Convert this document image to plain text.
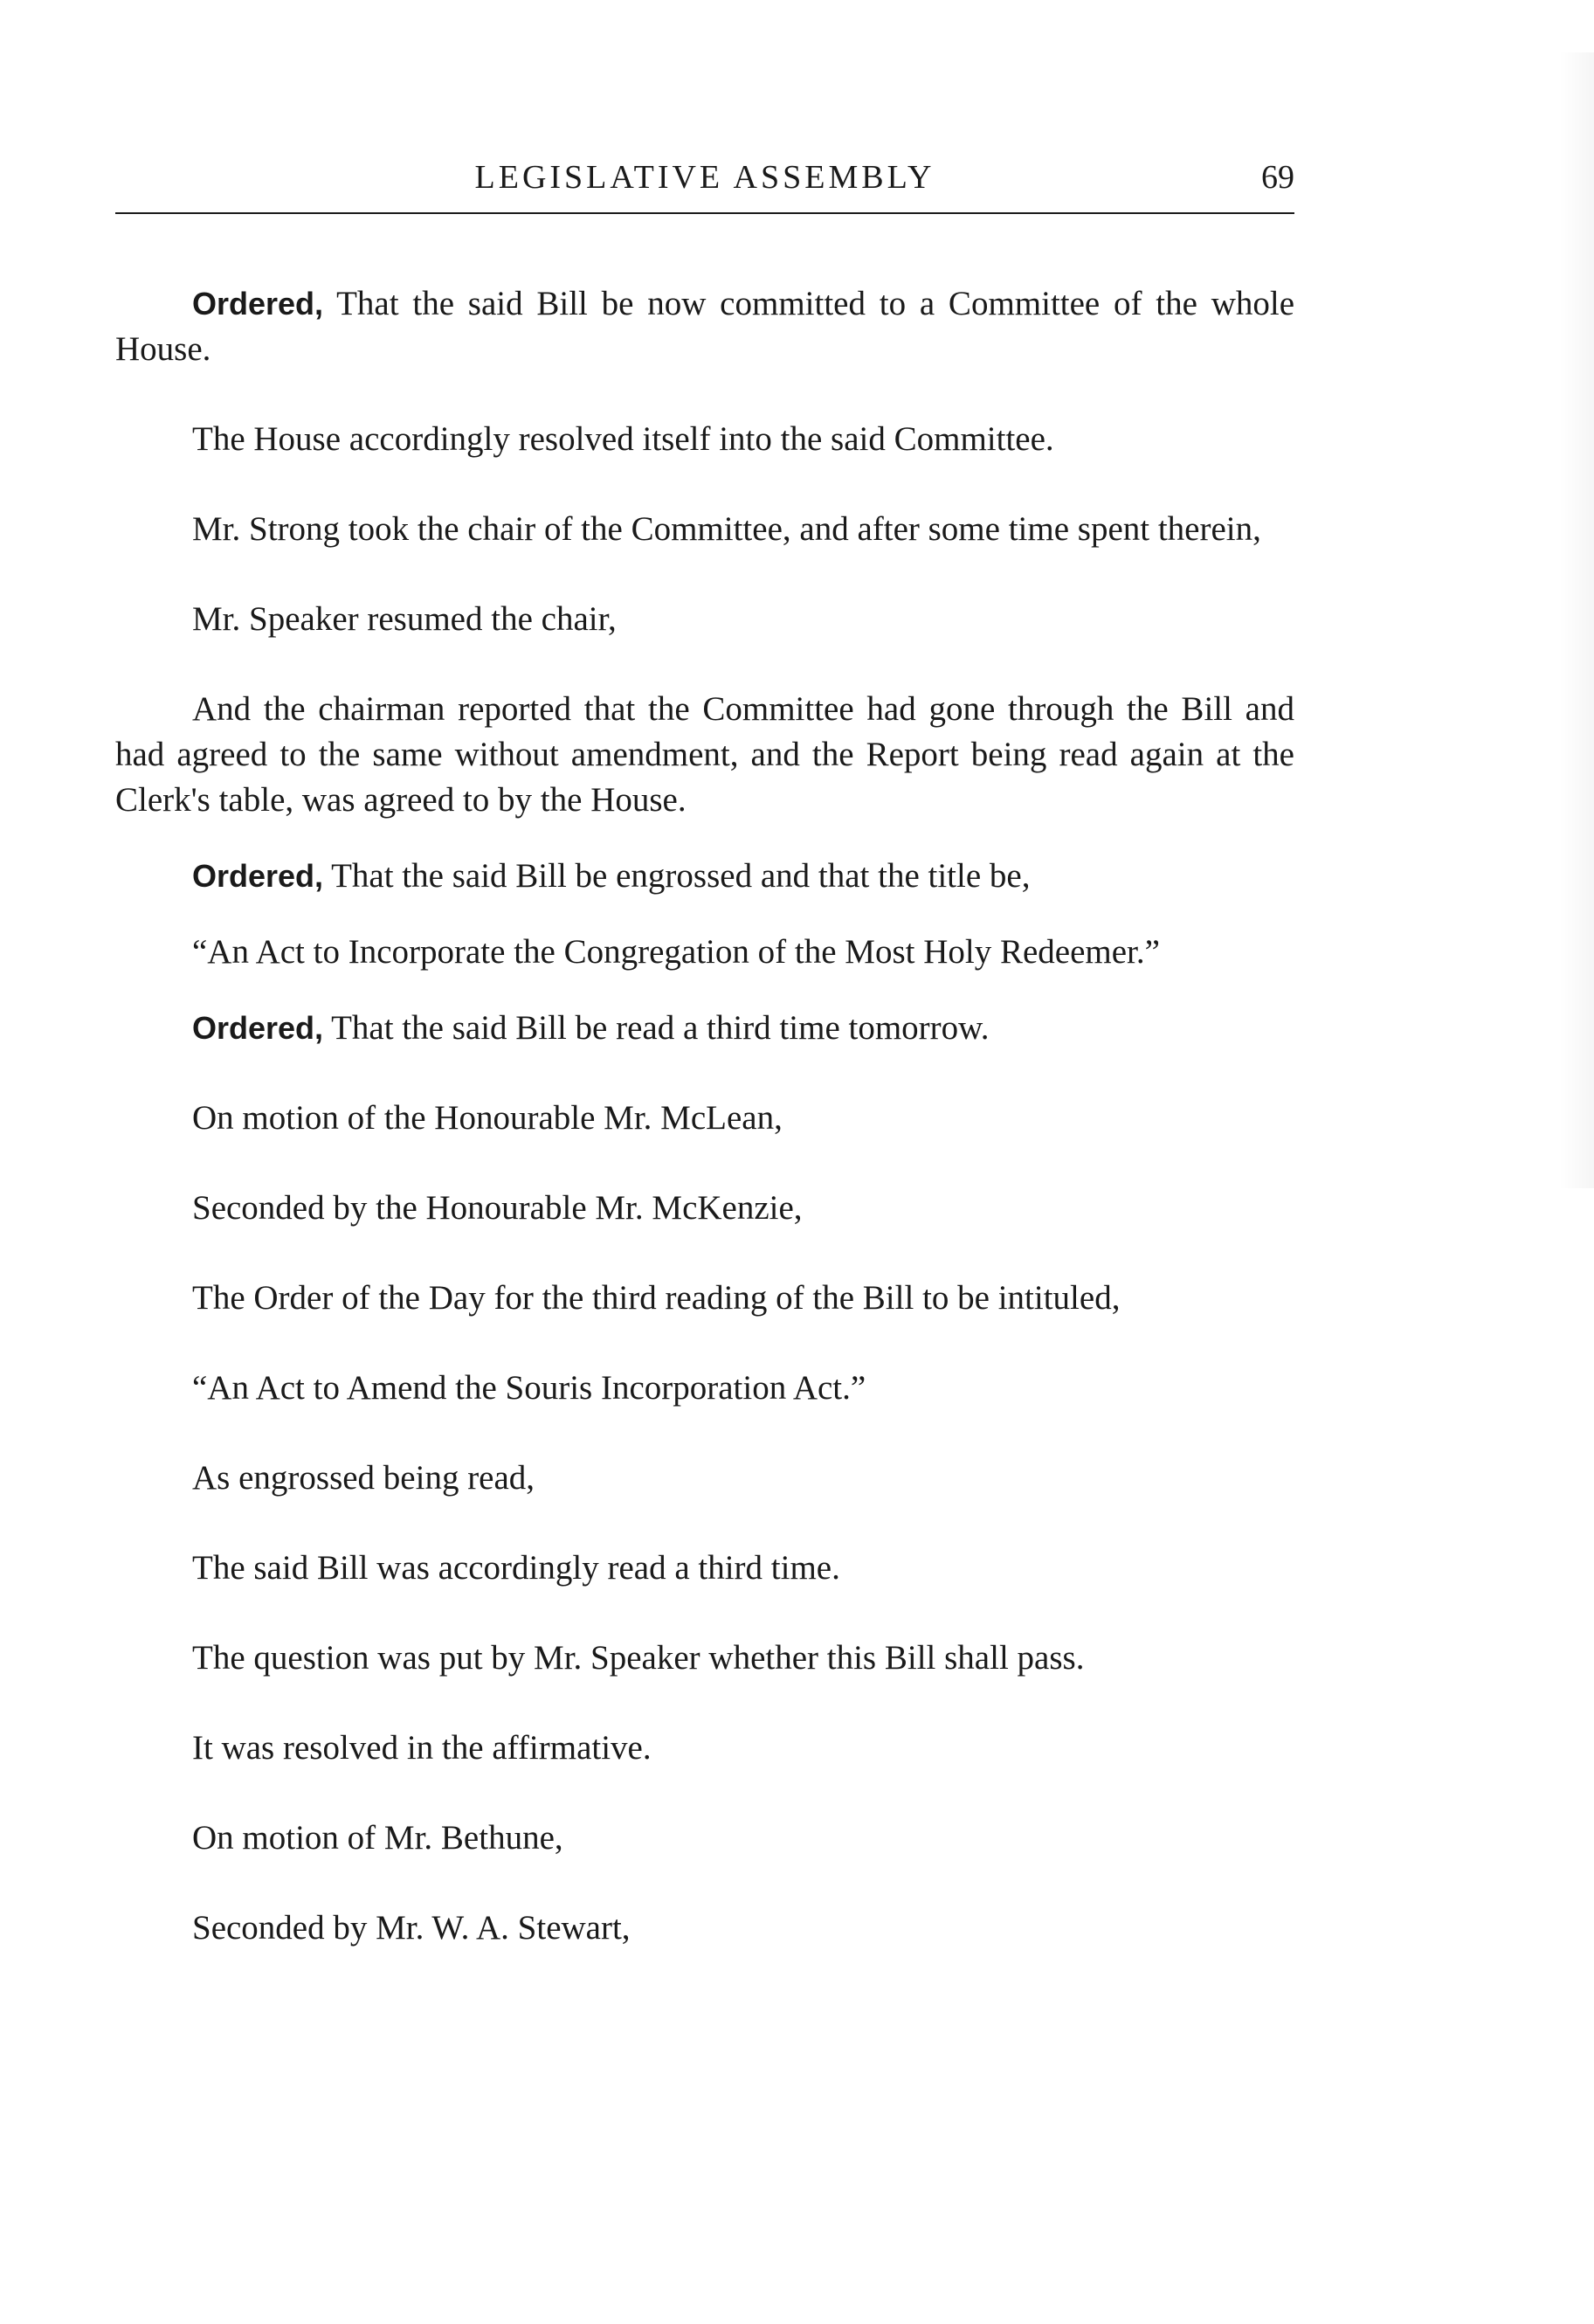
LEGISLATIVE ASSEMBLY	69

Ordered, That the said Bill be now committed to a Committee of the whole House.

The House accordingly resolved itself into the said Committee.

Mr. Strong took the chair of the Committee, and after some time spent therein,

Mr. Speaker resumed the chair,

And the chairman reported that the Committee had gone through the Bill and had agreed to the same without amendment, and the Report being read again at the Clerk's table, was agreed to by the House.

Ordered, That the said Bill be engrossed and that the title be,

“An Act to Incorporate the Congregation of the Most Holy Redeemer.”

Ordered, That the said Bill be read a third time tomorrow.

On motion of the Honourable Mr. McLean,

Seconded by the Honourable Mr. McKenzie,

The Order of the Day for the third reading of the Bill to be intituled,

“An Act to Amend the Souris Incorporation Act.”

As engrossed being read,

The said Bill was accordingly read a third time.

The question was put by Mr. Speaker whether this Bill shall pass.

It was resolved in the affirmative.

On motion of Mr. Bethune,

Seconded by Mr. W. A. Stewart,
